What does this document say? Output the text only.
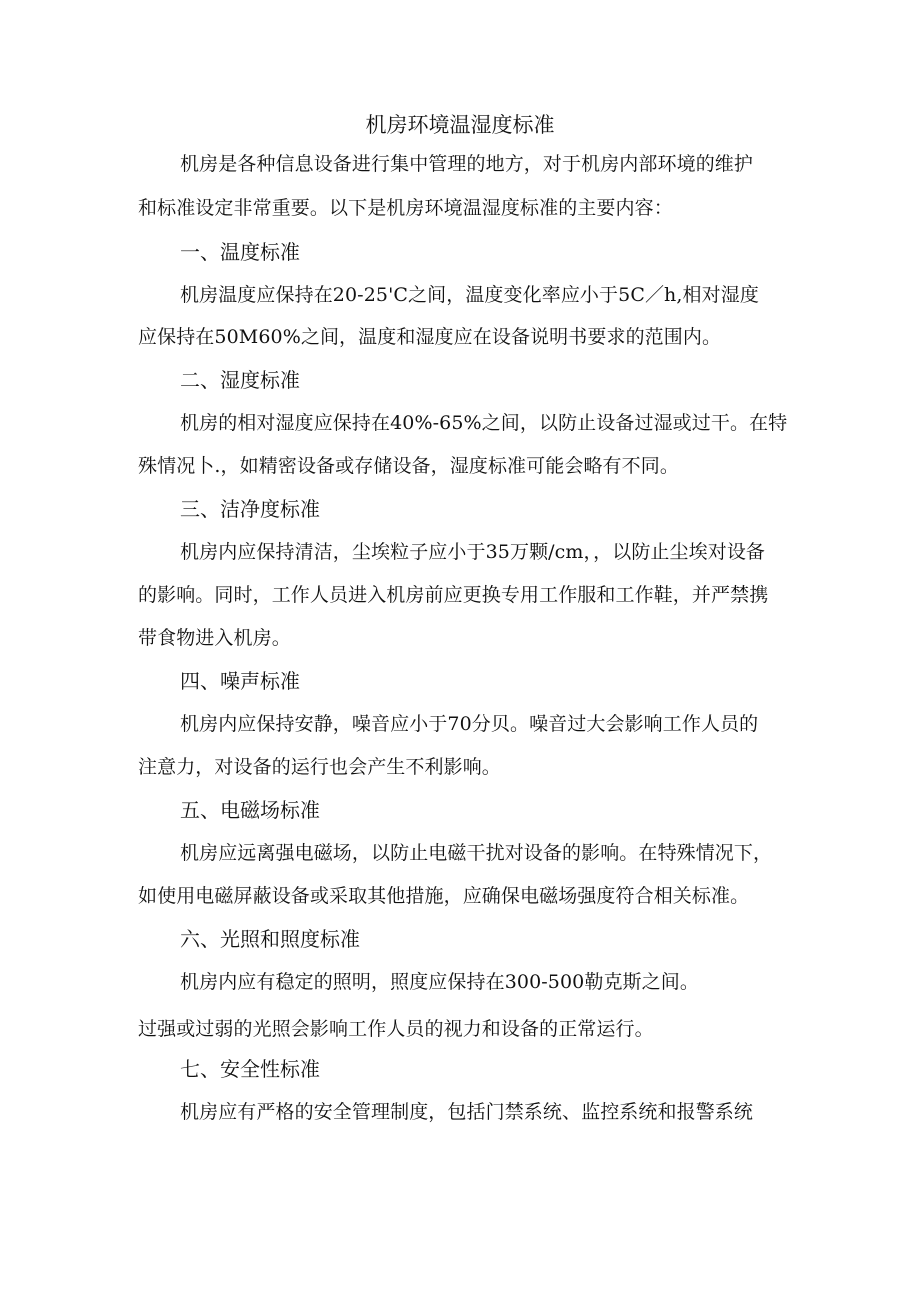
机房环境温湿度标准
机房是各种信息设备进行集中管理的地方，对于机房内部环境的维护
和标准设定非常重要。以下是机房环境温湿度标准的主要内容：
一、温度标准
机房温度应保持在20-25'C之间，温度变化率应小于5C／h,相对湿度
应保持在50M60%之间，温度和湿度应在设备说明书要求的范围内。
二、湿度标准
机房的相对湿度应保持在40%-65%之间，以防止设备过湿或过干。在特
殊情况卜.，如精密设备或存储设备，湿度标准可能会略有不同。
三、洁净度标准
机房内应保持清洁，尘埃粒子应小于35万颗/cm，，以防止尘埃对设备
的影响。同时，工作人员进入机房前应更换专用工作服和工作鞋，并严禁携
带食物进入机房。
四、噪声标准
机房内应保持安静，噪音应小于70分贝。噪音过大会影响工作人员的
注意力，对设备的运行也会产生不利影响。
五、电磁场标准
机房应远离强电磁场，以防止电磁干扰对设备的影响。在特殊情况下，
如使用电磁屏蔽设备或采取其他措施，应确保电磁场强度符合相关标准。
六、光照和照度标准
机房内应有稳定的照明，照度应保持在300-500勒克斯之间。
过强或过弱的光照会影响工作人员的视力和设备的正常运行。
七、安全性标准
机房应有严格的安全管理制度，包括门禁系统、监控系统和报警系统
